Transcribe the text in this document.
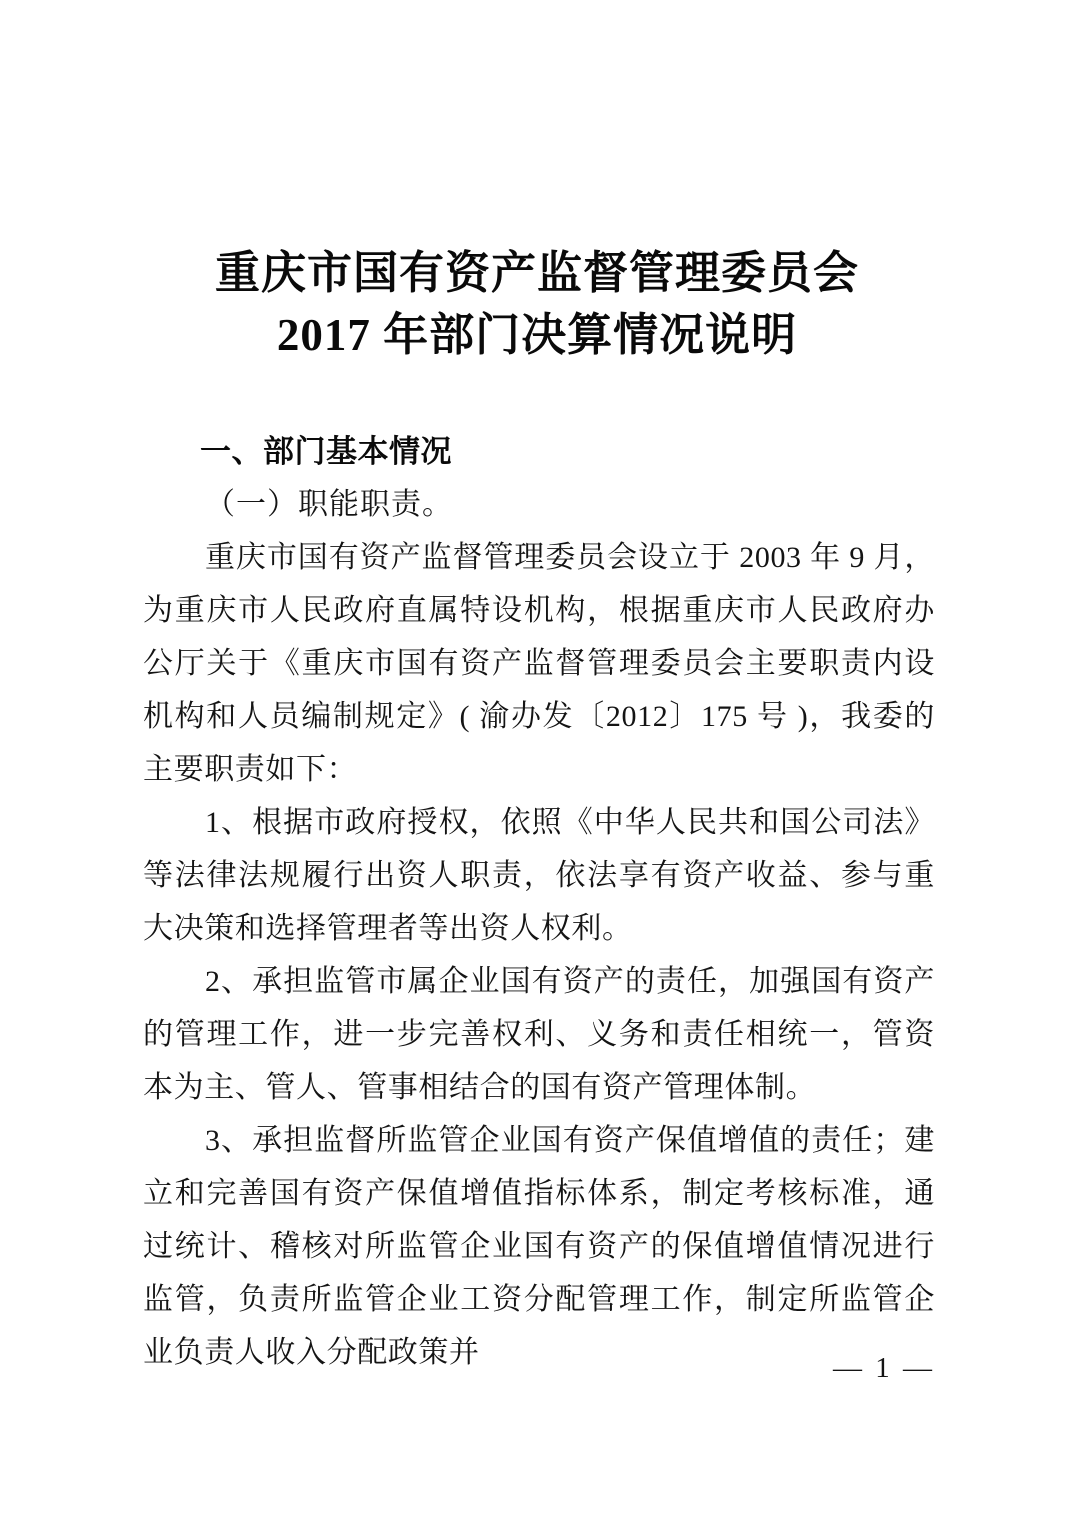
重庆市国有资产监督管理委员会
2017 年部门决算情况说明

一、部门基本情况

（一）职能职责。

重庆市国有资产监督管理委员会设立于 2003 年 9 月，为重庆市人民政府直属特设机构，根据重庆市人民政府办公厅关于《重庆市国有资产监督管理委员会主要职责内设机构和人员编制规定》( 渝办发〔2012〕175 号 )，我委的主要职责如下：

1、根据市政府授权，依照《中华人民共和国公司法》等法律法规履行出资人职责，依法享有资产收益、参与重大决策和选择管理者等出资人权利。

2、承担监管市属企业国有资产的责任，加强国有资产的管理工作，进一步完善权利、义务和责任相统一，管资本为主、管人、管事相结合的国有资产管理体制。

3、承担监督所监管企业国有资产保值增值的责任；建立和完善国有资产保值增值指标体系，制定考核标准，通过统计、稽核对所监管企业国有资产的保值增值情况进行监管，负责所监管企业工资分配管理工作，制定所监管企业负责人收入分配政策并	— 1 —
